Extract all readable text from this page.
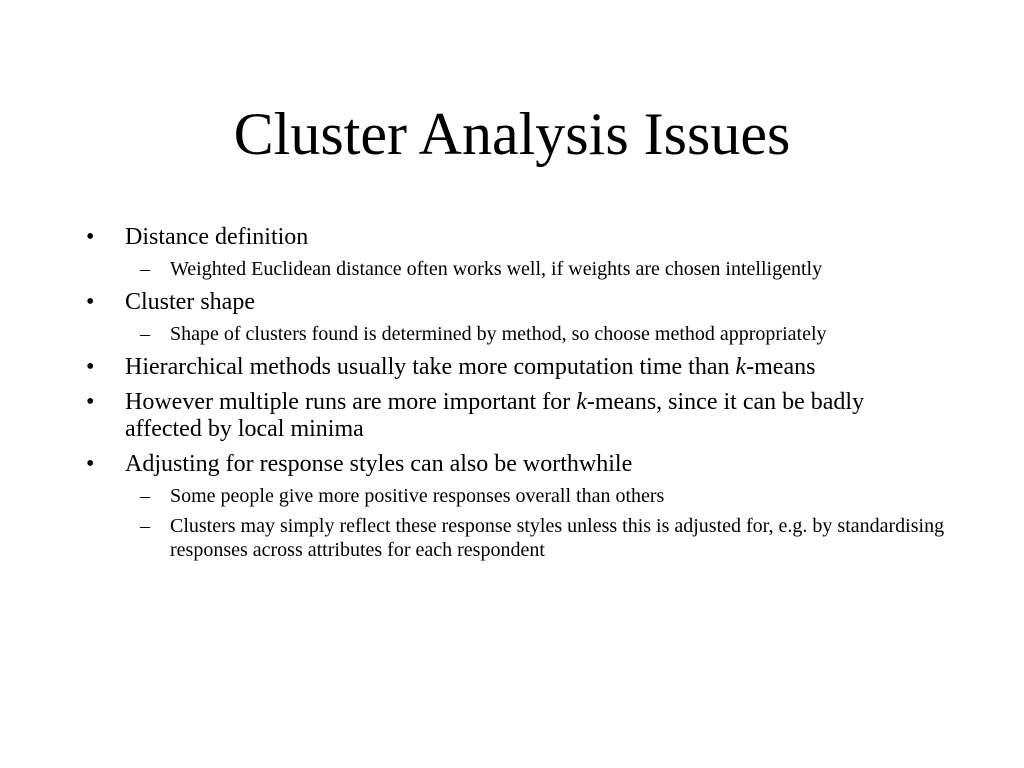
Cluster Analysis Issues
• Distance definition
– Weighted Euclidean distance often works well, if weights are chosen intelligently
• Cluster shape
– Shape of clusters found is determined by method, so choose method appropriately
• Hierarchical methods usually take more computation time than k-means
• However multiple runs are more important for k-means, since it can be badly affected by local minima
• Adjusting for response styles can also be worthwhile
– Some people give more positive responses overall than others
– Clusters may simply reflect these response styles unless this is adjusted for, e.g. by standardising responses across attributes for each respondent
